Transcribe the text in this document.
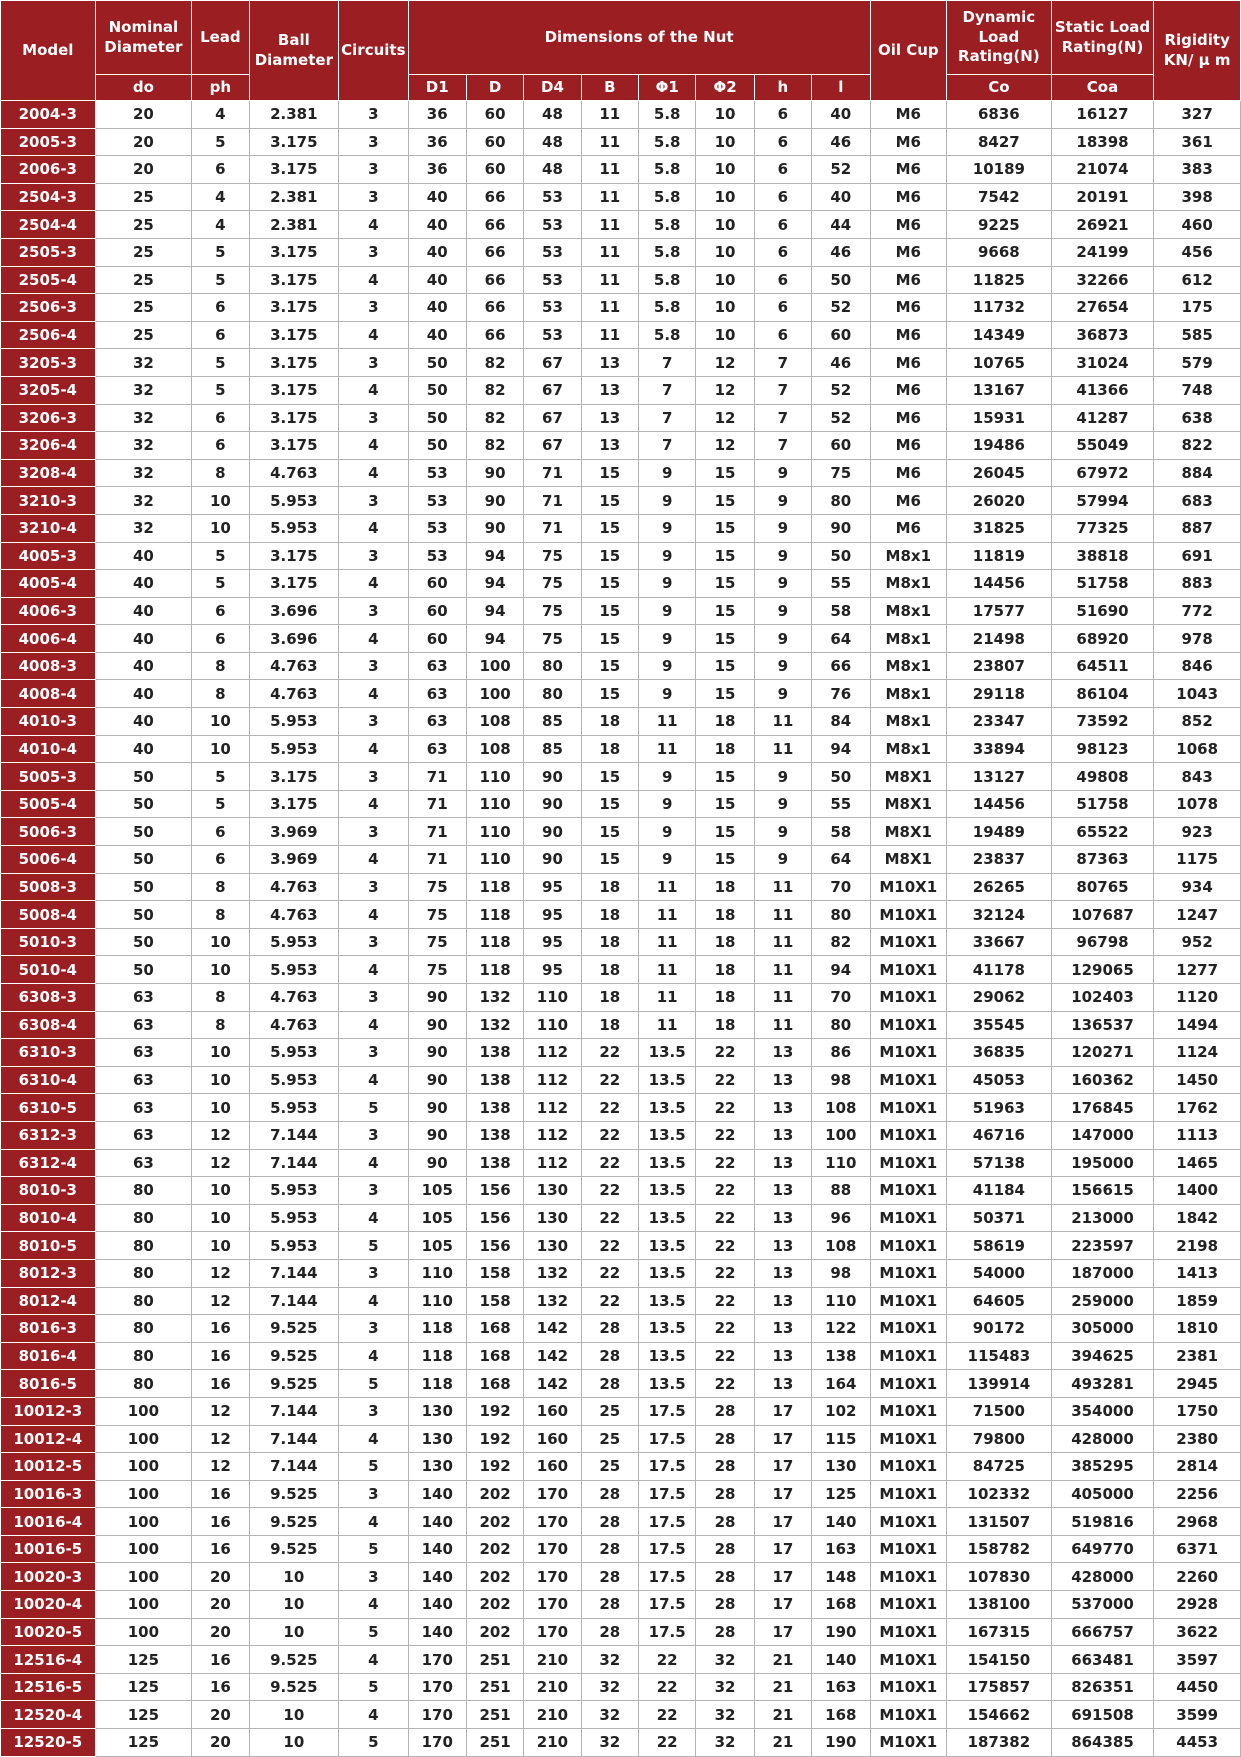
Model	Nominal Diameter	Lead	Ball Diameter	Circuits	Dimensions of the Nut								Oil Cup	Dynamic Load Rating(N)	Static Load Rating(N)	Rigidity KN/ μ m
	do	ph			D1	D	D4	B	Φ1	Φ2	h	l		Co	Coa	
2004-3	20	4	2.381	3	36	60	48	11	5.8	10	6	40	M6	6836	16127	327
2005-3	20	5	3.175	3	36	60	48	11	5.8	10	6	46	M6	8427	18398	361
2006-3	20	6	3.175	3	36	60	48	11	5.8	10	6	52	M6	10189	21074	383
2504-3	25	4	2.381	3	40	66	53	11	5.8	10	6	40	M6	7542	20191	398
2504-4	25	4	2.381	4	40	66	53	11	5.8	10	6	44	M6	9225	26921	460
2505-3	25	5	3.175	3	40	66	53	11	5.8	10	6	46	M6	9668	24199	456
2505-4	25	5	3.175	4	40	66	53	11	5.8	10	6	50	M6	11825	32266	612
2506-3	25	6	3.175	3	40	66	53	11	5.8	10	6	52	M6	11732	27654	175
2506-4	25	6	3.175	4	40	66	53	11	5.8	10	6	60	M6	14349	36873	585
3205-3	32	5	3.175	3	50	82	67	13	7	12	7	46	M6	10765	31024	579
3205-4	32	5	3.175	4	50	82	67	13	7	12	7	52	M6	13167	41366	748
3206-3	32	6	3.175	3	50	82	67	13	7	12	7	52	M6	15931	41287	638
3206-4	32	6	3.175	4	50	82	67	13	7	12	7	60	M6	19486	55049	822
3208-4	32	8	4.763	4	53	90	71	15	9	15	9	75	M6	26045	67972	884
3210-3	32	10	5.953	3	53	90	71	15	9	15	9	80	M6	26020	57994	683
3210-4	32	10	5.953	4	53	90	71	15	9	15	9	90	M6	31825	77325	887
4005-3	40	5	3.175	3	53	94	75	15	9	15	9	50	M8x1	11819	38818	691
4005-4	40	5	3.175	4	60	94	75	15	9	15	9	55	M8x1	14456	51758	883
4006-3	40	6	3.696	3	60	94	75	15	9	15	9	58	M8x1	17577	51690	772
4006-4	40	6	3.696	4	60	94	75	15	9	15	9	64	M8x1	21498	68920	978
4008-3	40	8	4.763	3	63	100	80	15	9	15	9	66	M8x1	23807	64511	846
4008-4	40	8	4.763	4	63	100	80	15	9	15	9	76	M8x1	29118	86104	1043
4010-3	40	10	5.953	3	63	108	85	18	11	18	11	84	M8x1	23347	73592	852
4010-4	40	10	5.953	4	63	108	85	18	11	18	11	94	M8x1	33894	98123	1068
5005-3	50	5	3.175	3	71	110	90	15	9	15	9	50	M8X1	13127	49808	843
5005-4	50	5	3.175	4	71	110	90	15	9	15	9	55	M8X1	14456	51758	1078
5006-3	50	6	3.969	3	71	110	90	15	9	15	9	58	M8X1	19489	65522	923
5006-4	50	6	3.969	4	71	110	90	15	9	15	9	64	M8X1	23837	87363	1175
5008-3	50	8	4.763	3	75	118	95	18	11	18	11	70	M10X1	26265	80765	934
5008-4	50	8	4.763	4	75	118	95	18	11	18	11	80	M10X1	32124	107687	1247
5010-3	50	10	5.953	3	75	118	95	18	11	18	11	82	M10X1	33667	96798	952
5010-4	50	10	5.953	4	75	118	95	18	11	18	11	94	M10X1	41178	129065	1277
6308-3	63	8	4.763	3	90	132	110	18	11	18	11	70	M10X1	29062	102403	1120
6308-4	63	8	4.763	4	90	132	110	18	11	18	11	80	M10X1	35545	136537	1494
6310-3	63	10	5.953	3	90	138	112	22	13.5	22	13	86	M10X1	36835	120271	1124
6310-4	63	10	5.953	4	90	138	112	22	13.5	22	13	98	M10X1	45053	160362	1450
6310-5	63	10	5.953	5	90	138	112	22	13.5	22	13	108	M10X1	51963	176845	1762
6312-3	63	12	7.144	3	90	138	112	22	13.5	22	13	100	M10X1	46716	147000	1113
6312-4	63	12	7.144	4	90	138	112	22	13.5	22	13	110	M10X1	57138	195000	1465
8010-3	80	10	5.953	3	105	156	130	22	13.5	22	13	88	M10X1	41184	156615	1400
8010-4	80	10	5.953	4	105	156	130	22	13.5	22	13	96	M10X1	50371	213000	1842
8010-5	80	10	5.953	5	105	156	130	22	13.5	22	13	108	M10X1	58619	223597	2198
8012-3	80	12	7.144	3	110	158	132	22	13.5	22	13	98	M10X1	54000	187000	1413
8012-4	80	12	7.144	4	110	158	132	22	13.5	22	13	110	M10X1	64605	259000	1859
8016-3	80	16	9.525	3	118	168	142	28	13.5	22	13	122	M10X1	90172	305000	1810
8016-4	80	16	9.525	4	118	168	142	28	13.5	22	13	138	M10X1	115483	394625	2381
8016-5	80	16	9.525	5	118	168	142	28	13.5	22	13	164	M10X1	139914	493281	2945
10012-3	100	12	7.144	3	130	192	160	25	17.5	28	17	102	M10X1	71500	354000	1750
10012-4	100	12	7.144	4	130	192	160	25	17.5	28	17	115	M10X1	79800	428000	2380
10012-5	100	12	7.144	5	130	192	160	25	17.5	28	17	130	M10X1	84725	385295	2814
10016-3	100	16	9.525	3	140	202	170	28	17.5	28	17	125	M10X1	102332	405000	2256
10016-4	100	16	9.525	4	140	202	170	28	17.5	28	17	140	M10X1	131507	519816	2968
10016-5	100	16	9.525	5	140	202	170	28	17.5	28	17	163	M10X1	158782	649770	6371
10020-3	100	20	10	3	140	202	170	28	17.5	28	17	148	M10X1	107830	428000	2260
10020-4	100	20	10	4	140	202	170	28	17.5	28	17	168	M10X1	138100	537000	2928
10020-5	100	20	10	5	140	202	170	28	17.5	28	17	190	M10X1	167315	666757	3622
12516-4	125	16	9.525	4	170	251	210	32	22	32	21	140	M10X1	154150	663481	3597
12516-5	125	16	9.525	5	170	251	210	32	22	32	21	163	M10X1	175857	826351	4450
12520-4	125	20	10	4	170	251	210	32	22	32	21	168	M10X1	154662	691508	3599
12520-5	125	20	10	5	170	251	210	32	22	32	21	190	M10X1	187382	864385	4453
